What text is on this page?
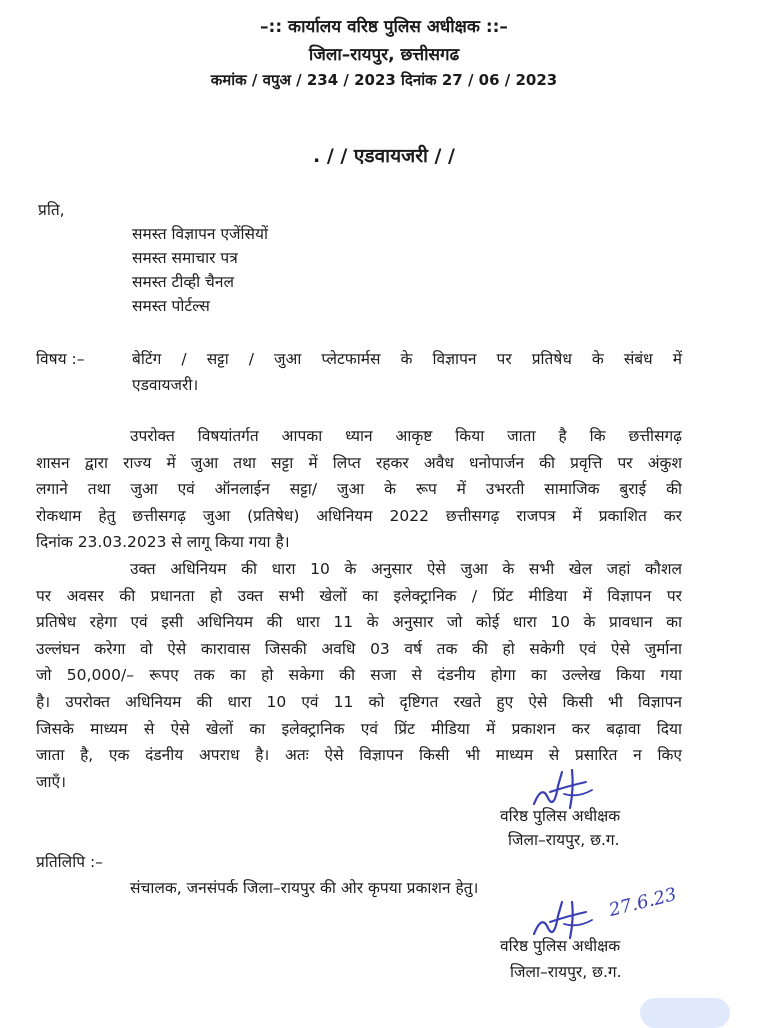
–:: कार्यालय वरिष्ठ पुलिस अधीक्षक ::–
जिला–रायपुर, छत्तीसगढ
कमांक / वपुअ / 234 / 2023 दिनांक 27 / 06 / 2023
. / / एडवायजरी / /
प्रति,
समस्त विज्ञापन एजेंसियों
समस्त समाचार पत्र
समस्त टीव्ही चैनल
समस्त पोर्टल्स
विषय :–	बेटिंग / सट्टा / जुआ प्लेटफार्मस के विज्ञापन पर प्रतिषेध के संबंध में
एडवायजरी।
उपरोक्त विषयांतर्गत आपका ध्यान आकृष्ट किया जाता है कि छत्तीसगढ़
शासन द्वारा राज्य में जुआ तथा सट्टा में लिप्त रहकर अवैध धनोपार्जन की प्रवृत्ति पर अंकुश
लगाने तथा जुआ एवं ऑनलाईन सट्टा/ जुआ के रूप में उभरती सामाजिक बुराई की
रोकथाम हेतु छत्तीसगढ़ जुआ (प्रतिषेध) अधिनियम 2022 छत्तीसगढ़ राजपत्र में प्रकाशित कर
दिनांक 23.03.2023 से लागू किया गया है।
उक्त अधिनियम की धारा 10 के अनुसार ऐसे जुआ के सभी खेल जहां कौशल
पर अवसर की प्रधानता हो उक्त सभी खेलों का इलेक्ट्रानिक / प्रिंट मीडिया में विज्ञापन पर
प्रतिषेध रहेगा एवं इसी अधिनियम की धारा 11 के अनुसार जो कोई धारा 10 के प्रावधान का
उल्लंघन करेगा वो ऐसे कारावास जिसकी अवधि 03 वर्ष तक की हो सकेगी एवं ऐसे जुर्माना
जो 50,000/– रूपए तक का हो सकेगा की सजा से दंडनीय होगा का उल्लेख किया गया
है। उपरोक्त अधिनियम की धारा 10 एवं 11 को दृष्टिगत रखते हुए ऐसे किसी भी विज्ञापन
जिसके माध्यम से ऐसे खेलों का इलेक्ट्रानिक एवं प्रिंट मीडिया में प्रकाशन कर बढ़ावा दिया
जाता है, एक दंडनीय अपराध है। अतः ऐसे विज्ञापन किसी भी माध्यम से प्रसारित न किए
जाएँ।
वरिष्ठ पुलिस अधीक्षक
जिला–रायपुर, छ.ग.
प्रतिलिपि :–
संचालक, जनसंपर्क जिला–रायपुर की ओर कृपया प्रकाशन हेतु।	27.6.23
वरिष्ठ पुलिस अधीक्षक
जिला–रायपुर, छ.ग.
